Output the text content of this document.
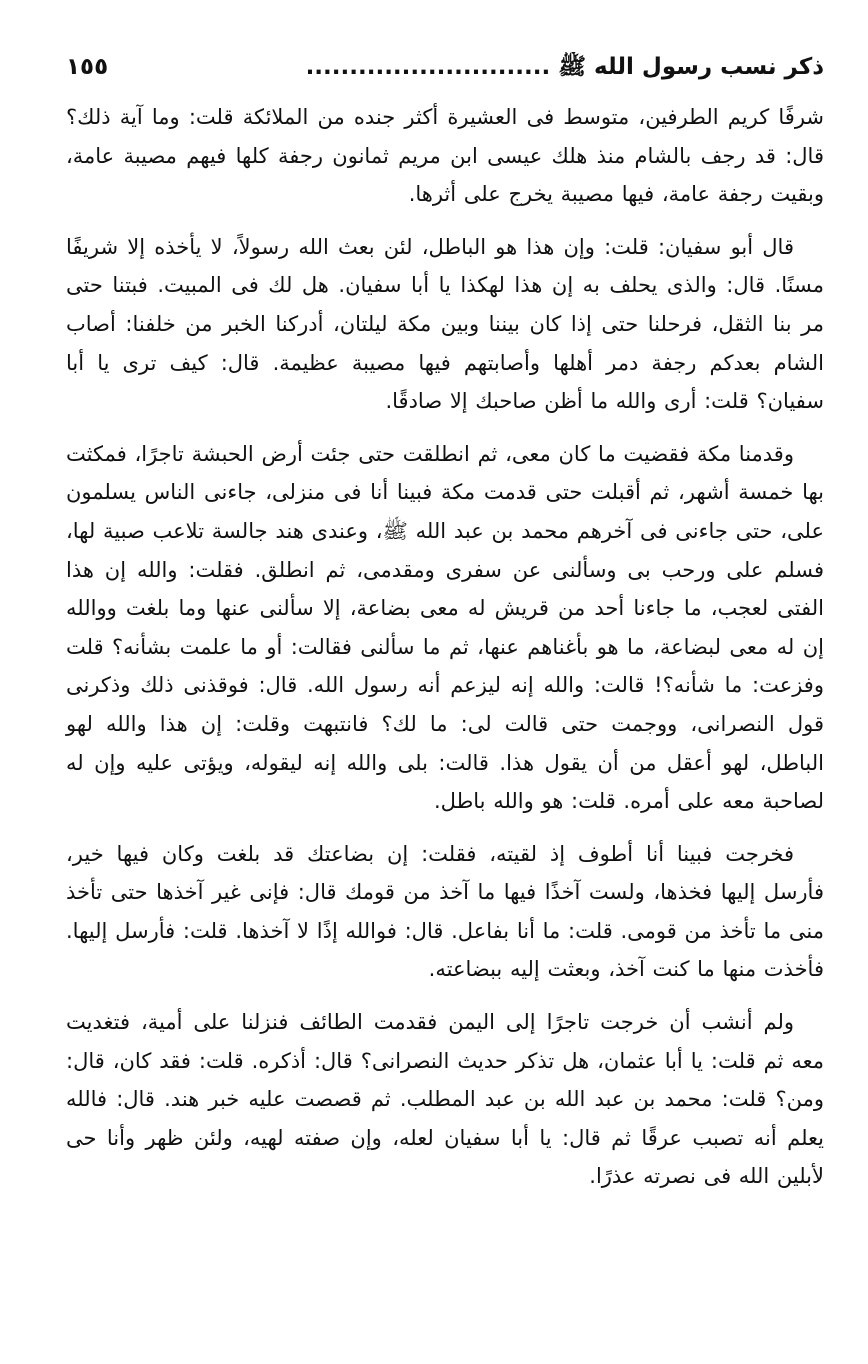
ذكر نسب رسول الله ﷺ ............................
١٥٥

شرفًا كريم الطرفين، متوسط فى العشيرة أكثر جنده من الملائكة قلت: وما آية ذلك؟ قال: قد رجف بالشام منذ هلك عيسى ابن مريم ثمانون رجفة كلها فيهم مصيبة عامة، وبقيت رجفة عامة، فيها مصيبة يخرج على أثرها.

قال أبو سفيان: قلت: وإن هذا هو الباطل، لئن بعث الله رسولاً، لا يأخذه إلا شريفًا مسنًا. قال: والذى يحلف به إن هذا لهكذا يا أبا سفيان. هل لك فى المبيت. فبتنا حتى مر بنا الثقل، فرحلنا حتى إذا كان بيننا وبين مكة ليلتان، أدركنا الخبر من خلفنا: أصاب الشام بعدكم رجفة دمر أهلها وأصابتهم فيها مصيبة عظيمة. قال: كيف ترى يا أبا سفيان؟ قلت: أرى والله ما أظن صاحبك إلا صادقًا.

وقدمنا مكة فقضيت ما كان معى، ثم انطلقت حتى جئت أرض الحبشة تاجرًا، فمكثت بها خمسة أشهر، ثم أقبلت حتى قدمت مكة فبينا أنا فى منزلى، جاءنى الناس يسلمون على، حتى جاءنى فى آخرهم محمد بن عبد الله ﷺ، وعندى هند جالسة تلاعب صبية لها، فسلم على ورحب بى وسألنى عن سفرى ومقدمى، ثم انطلق. فقلت: والله إن هذا الفتى لعجب، ما جاءنا أحد من قريش له معى بضاعة، إلا سألنى عنها وما بلغت ووالله إن له معى لبضاعة، ما هو بأغناهم عنها، ثم ما سألنى فقالت: أو ما علمت بشأنه؟ قلت وفزعت: ما شأنه؟! قالت: والله إنه ليزعم أنه رسول الله. قال: فوقذنى ذلك وذكرنى قول النصرانى، ووجمت حتى قالت لى: ما لك؟ فانتبهت وقلت: إن هذا والله لهو الباطل، لهو أعقل من أن يقول هذا. قالت: بلى والله إنه ليقوله، ويؤتى عليه وإن له لصاحبة معه على أمره. قلت: هو والله باطل.

فخرجت فبينا أنا أطوف إذ لقيته، فقلت: إن بضاعتك قد بلغت وكان فيها خير، فأرسل إليها فخذها، ولست آخذًا فيها ما آخذ من قومك قال: فإنى غير آخذها حتى تأخذ منى ما تأخذ من قومى. قلت: ما أنا بفاعل. قال: فوالله إذًا لا آخذها. قلت: فأرسل إليها. فأخذت منها ما كنت آخذ، وبعثت إليه ببضاعته.

ولم أنشب أن خرجت تاجرًا إلى اليمن فقدمت الطائف فنزلنا على أمية، فتغديت معه ثم قلت: يا أبا عثمان، هل تذكر حديث النصرانى؟ قال: أذكره. قلت: فقد كان، قال: ومن؟ قلت: محمد بن عبد الله بن عبد المطلب. ثم قصصت عليه خبر هند. قال: فالله يعلم أنه تصبب عرقًا ثم قال: يا أبا سفيان لعله، وإن صفته لهيه، ولئن ظهر وأنا حى لأبلين الله فى نصرته عذرًا.
